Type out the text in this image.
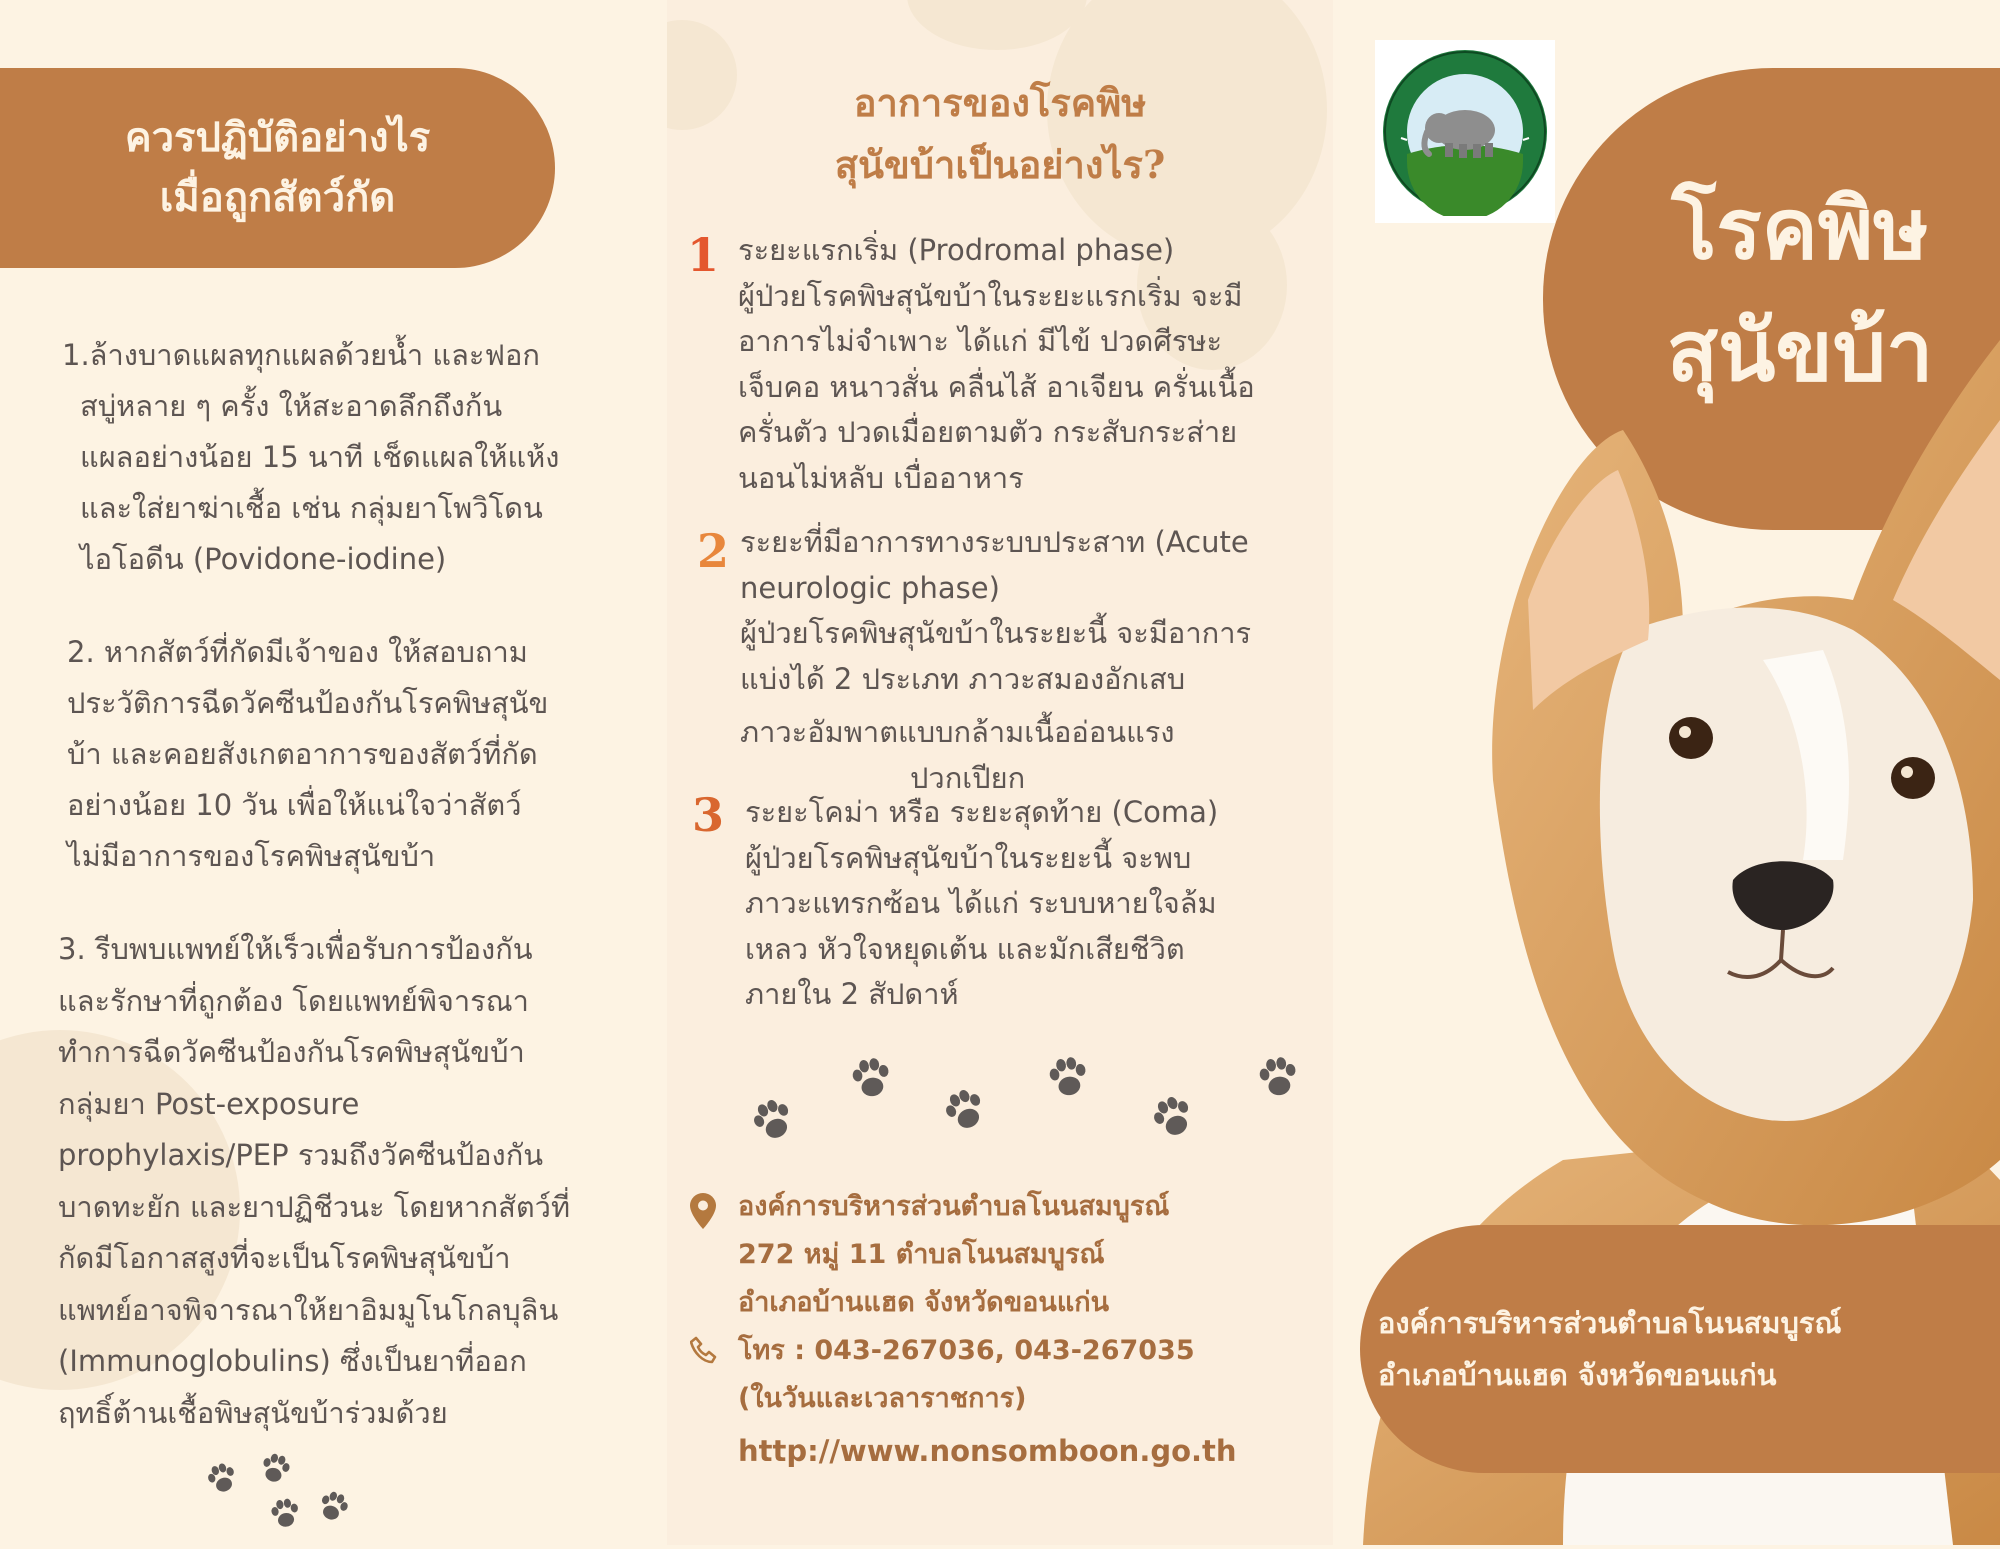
ควรปฏิบัติอย่างไร
เมื่อถูกสัตว์กัด

1.ล้างบาดแผลทุกแผลด้วยน้ำ และฟอก

สบู่หลาย ๆ ครั้ง ให้สะอาดลึกถึงก้น

แผลอย่างน้อย 15 นาที เช็ดแผลให้แห้ง

และใส่ยาฆ่าเชื้อ เช่น กลุ่มยาโพวิโดน

ไอโอดีน (Povidone-iodine)

2. หากสัตว์ที่กัดมีเจ้าของ ให้สอบถาม

ประวัติการฉีดวัคซีนป้องกันโรคพิษสุนัข

บ้า และคอยสังเกตอาการของสัตว์ที่กัด

อย่างน้อย 10 วัน เพื่อให้แน่ใจว่าสัตว์

ไม่มีอาการของโรคพิษสุนัขบ้า

3. รีบพบแพทย์ให้เร็วเพื่อรับการป้องกัน

และรักษาที่ถูกต้อง โดยแพทย์พิจารณา

ทำการฉีดวัคซีนป้องกันโรคพิษสุนัขบ้า

กลุ่มยา Post-exposure

prophylaxis/PEP รวมถึงวัคซีนป้องกัน

บาดทะยัก และยาปฏิชีวนะ โดยหากสัตว์ที่

กัดมีโอกาสสูงที่จะเป็นโรคพิษสุนัขบ้า

แพทย์อาจพิจารณาให้ยาอิมมูโนโกลบุลิน

(Immunoglobulins) ซึ่งเป็นยาที่ออก

ฤทธิ์ต้านเชื้อพิษสุนัขบ้าร่วมด้วย

อาการของโรคพิษ
สุนัขบ้าเป็นอย่างไร?
1 ระยะแรกเริ่ม (Prodromal phase)

ผู้ป่วยโรคพิษสุนัขบ้าในระยะแรกเริ่ม จะมี

อาการไม่จำเพาะ ได้แก่ มีไข้ ปวดศีรษะ

เจ็บคอ หนาวสั่น คลื่นไส้ อาเจียน ครั่นเนื้อ

ครั่นตัว ปวดเมื่อยตามตัว กระสับกระส่าย

นอนไม่หลับ เบื่ออาหาร

2 ระยะที่มีอาการทางระบบประสาท (Acute

neurologic phase)

ผู้ป่วยโรคพิษสุนัขบ้าในระยะนี้ จะมีอาการ

แบ่งได้ 2 ประเภท ภาวะสมองอักเสบ

ภาวะอัมพาตแบบกล้ามเนื้ออ่อนแรง

ปวกเปียก

3 ระยะโคม่า หรือ ระยะสุดท้าย (Coma)

ผู้ป่วยโรคพิษสุนัขบ้าในระยะนี้ จะพบ

ภาวะแทรกซ้อน ได้แก่ ระบบหายใจล้ม

เหลว หัวใจหยุดเต้น และมักเสียชีวิต

ภายใน 2 สัปดาห์

องค์การบริหารส่วนตำบลโนนสมบูรณ์

272 หมู่ 11 ตำบลโนนสมบูรณ์

อำเภอบ้านแฮด จังหวัดขอนแก่น

โทร : 043-267036, 043-267035

(ในวันและเวลาราชการ)

http://www.nonsomboon.go.th

โรคพิษ
สุนัขบ้า
องค์การบริหารส่วนตำบลโนนสมบูรณ์
อำเภอบ้านแฮด จังหวัดขอนแก่น
